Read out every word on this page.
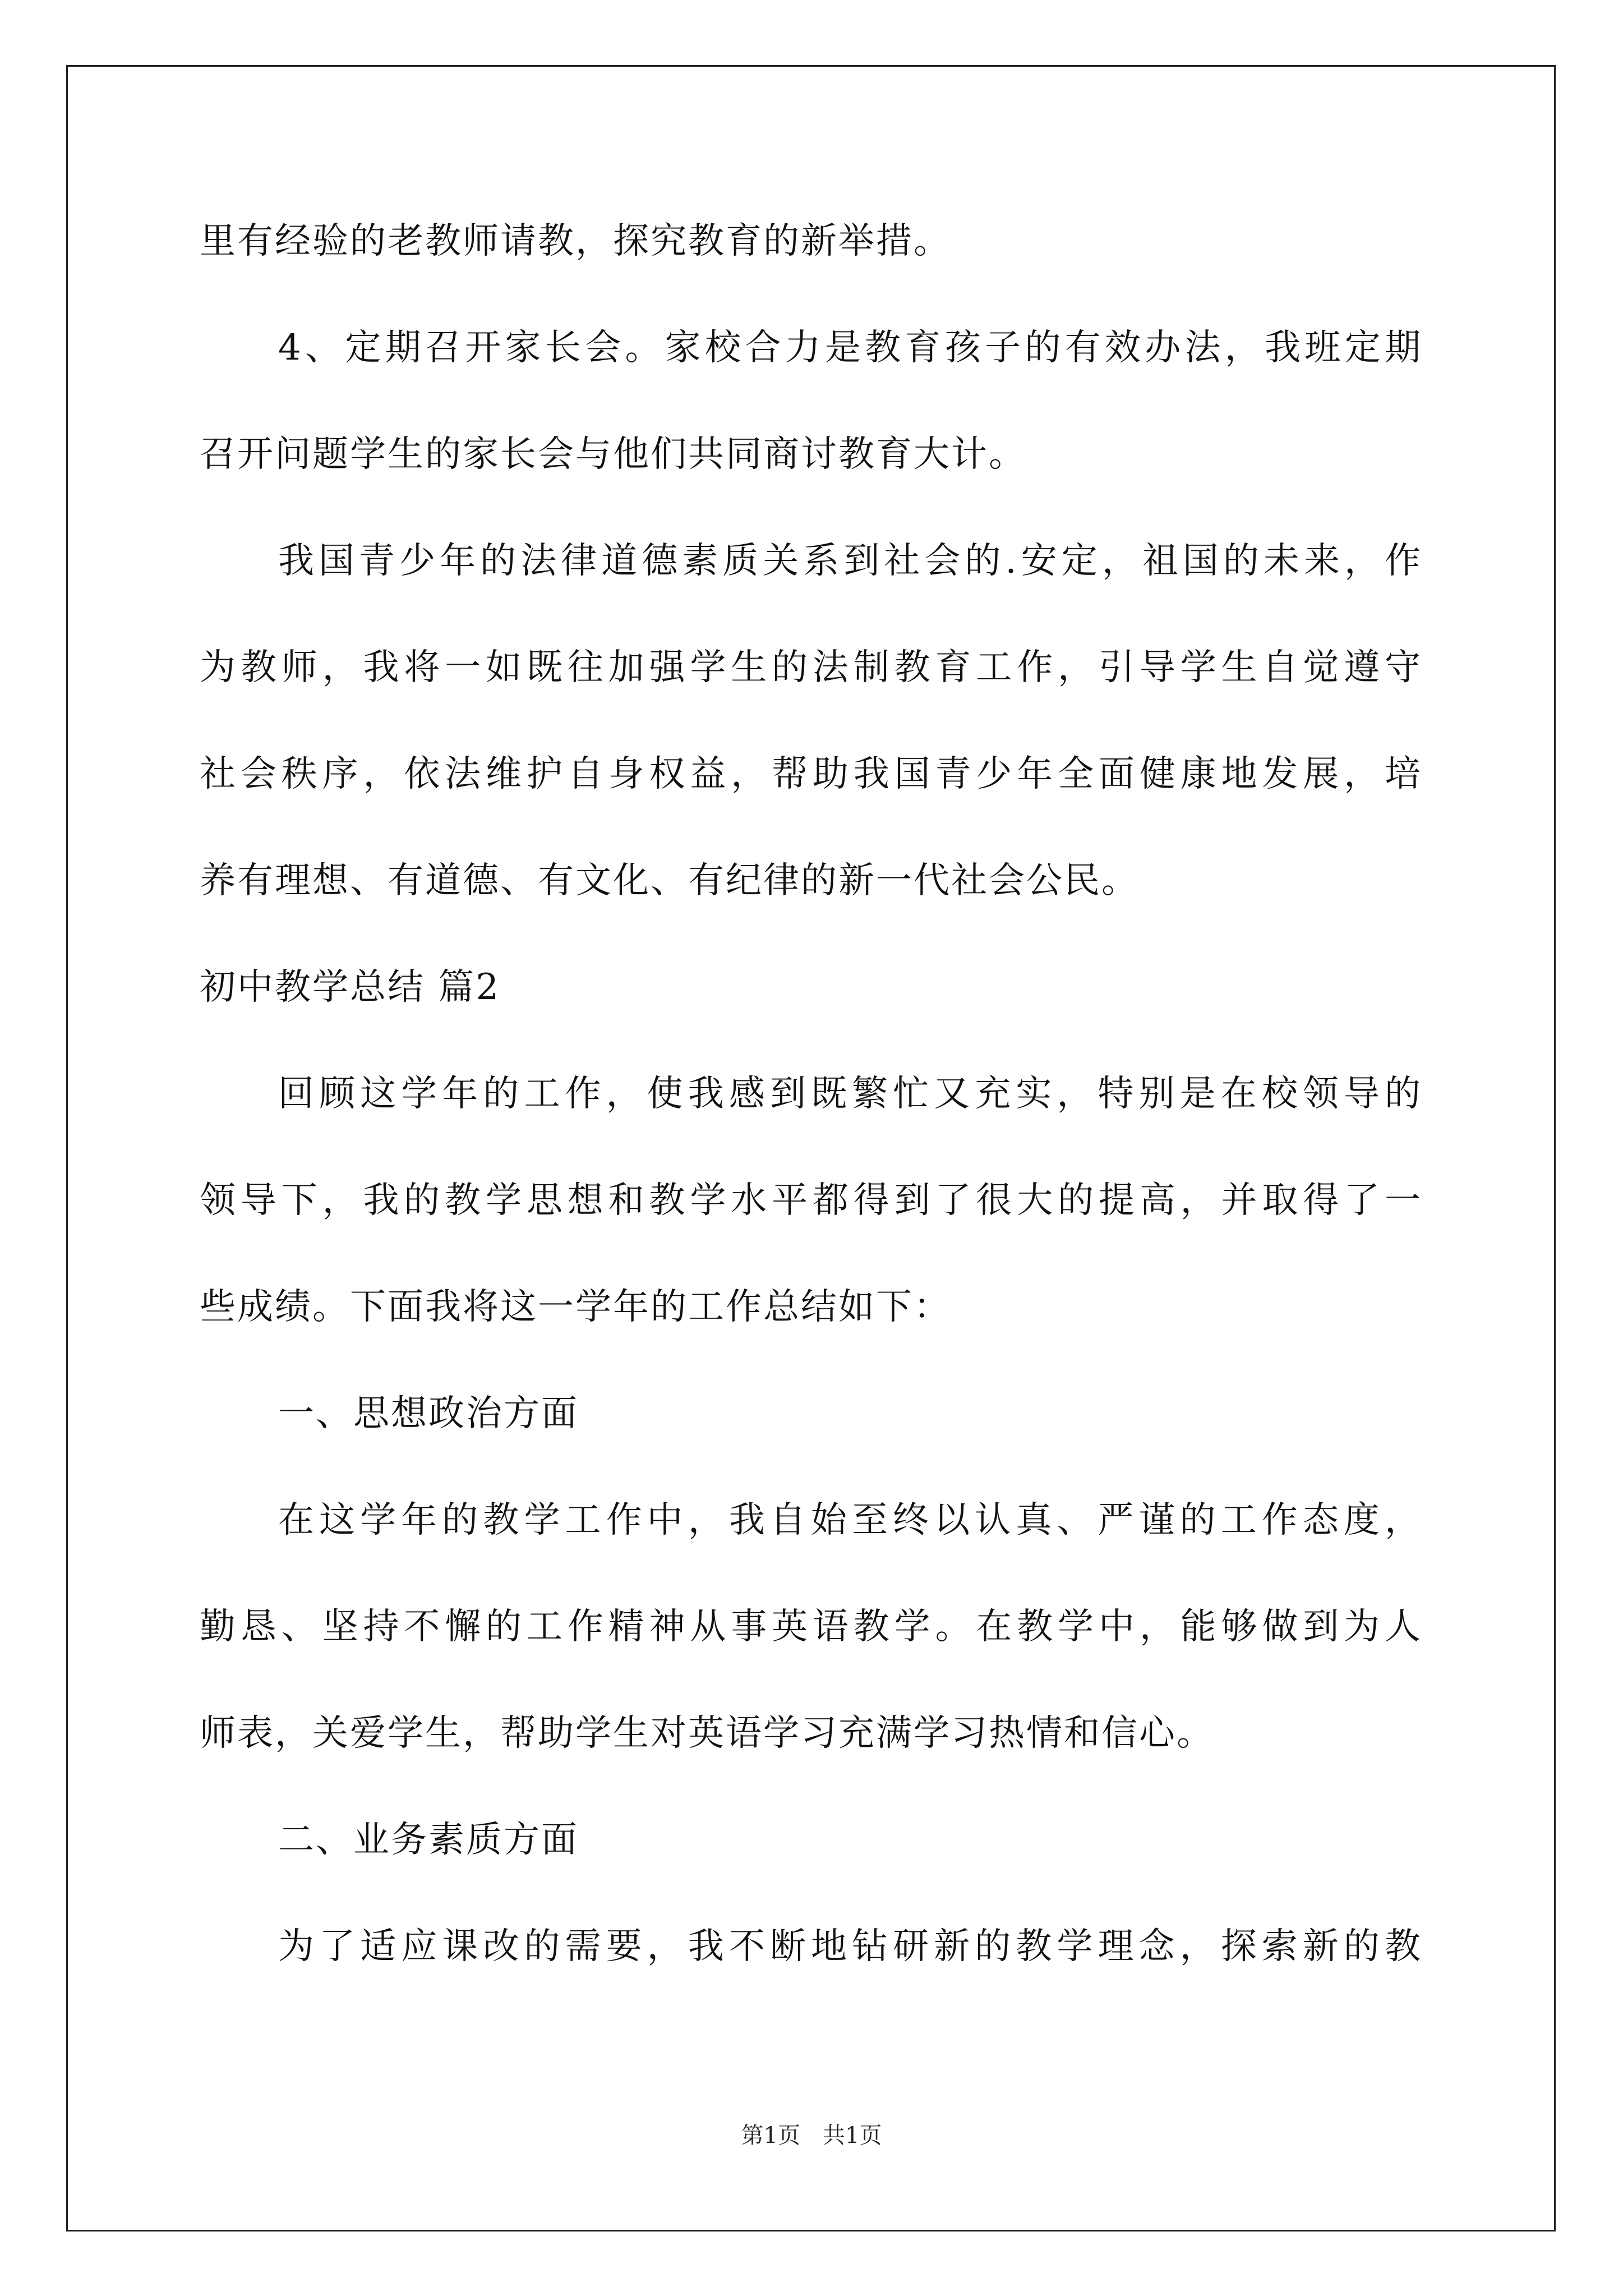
里有经验的老教师请教，探究教育的新举措。
4、定期召开家长会。家校合力是教育孩子的有效办法，我班定期
召开问题学生的家长会与他们共同商讨教育大计。
我国青少年的法律道德素质关系到社会的.安定，祖国的未来，作
为教师，我将一如既往加强学生的法制教育工作，引导学生自觉遵守
社会秩序，依法维护自身权益，帮助我国青少年全面健康地发展，培
养有理想、有道德、有文化、有纪律的新一代社会公民。
初中教学总结 篇2
回顾这学年的工作，使我感到既繁忙又充实，特别是在校领导的
领导下，我的教学思想和教学水平都得到了很大的提高，并取得了一
些成绩。下面我将这一学年的工作总结如下：
一、思想政治方面
在这学年的教学工作中，我自始至终以认真、严谨的工作态度，
勤恳、坚持不懈的工作精神从事英语教学。在教学中，能够做到为人
师表，关爱学生，帮助学生对英语学习充满学习热情和信心。
二、业务素质方面
为了适应课改的需要，我不断地钻研新的教学理念，探索新的教
第1页　共1页
